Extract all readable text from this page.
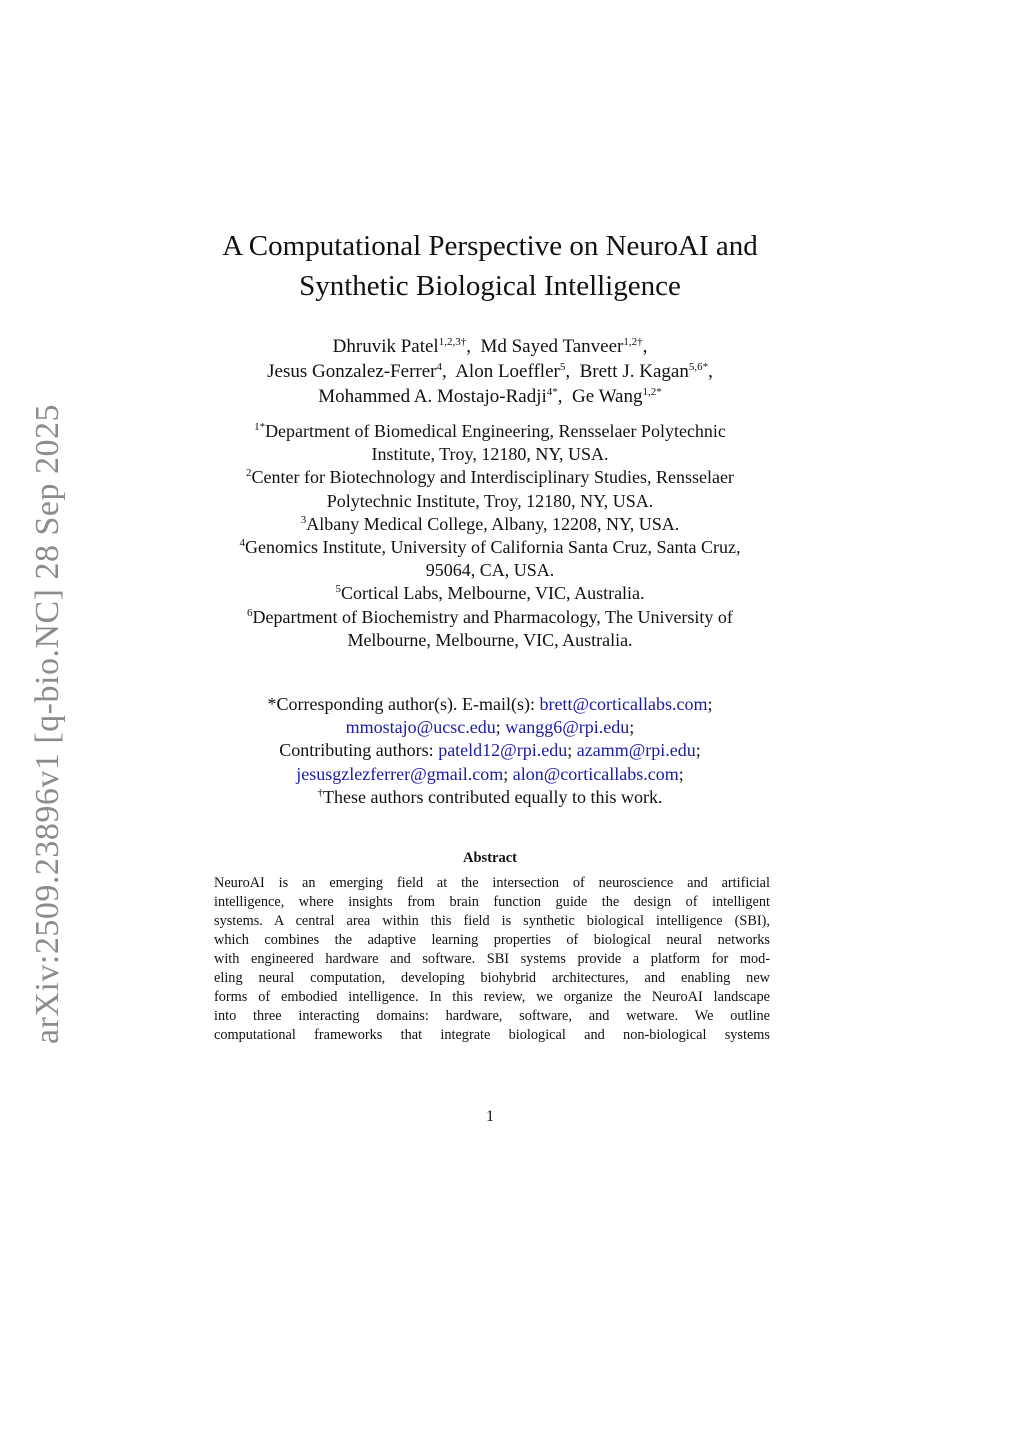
arXiv:2509.23896v1 [q-bio.NC] 28 Sep 2025
A Computational Perspective on NeuroAI and
Synthetic Biological Intelligence
Dhruvik Patel$^{1,2,3\dagger}$,  Md Sayed Tanveer$^{1,2\dagger}$,
Jesus Gonzalez-Ferrer$^4$,  Alon Loeffler$^5$,  Brett J. Kagan$^{5,6*}$,
Mohammed A. Mostajo-Radji$^{4*}$,  Ge Wang$^{1,2*}$
$^{1*}$Department of Biomedical Engineering, Rensselaer Polytechnic
Institute, Troy, 12180, NY, USA.
$^2$Center for Biotechnology and Interdisciplinary Studies, Rensselaer
Polytechnic Institute, Troy, 12180, NY, USA.
$^3$Albany Medical College, Albany, 12208, NY, USA.
$^4$Genomics Institute, University of California Santa Cruz, Santa Cruz,
95064, CA, USA.
$^5$Cortical Labs, Melbourne, VIC, Australia.
$^6$Department of Biochemistry and Pharmacology, The University of
Melbourne, Melbourne, VIC, Australia.
*Corresponding author(s). E-mail(s): brett@corticallabs.com;
mmostajo@ucsc.edu; wangg6@rpi.edu;
Contributing authors: pateld12@rpi.edu; azamm@rpi.edu;
jesusgzlezferrer@gmail.com; alon@corticallabs.com;
†These authors contributed equally to this work.
Abstract
NeuroAI is an emerging field at the intersection of neuroscience and artificial
intelligence, where insights from brain function guide the design of intelligent
systems. A central area within this field is synthetic biological intelligence (SBI),
which combines the adaptive learning properties of biological neural networks
with engineered hardware and software. SBI systems provide a platform for mod-
eling neural computation, developing biohybrid architectures, and enabling new
forms of embodied intelligence. In this review, we organize the NeuroAI landscape
into three interacting domains: hardware, software, and wetware. We outline
computational frameworks that integrate biological and non-biological systems
1
